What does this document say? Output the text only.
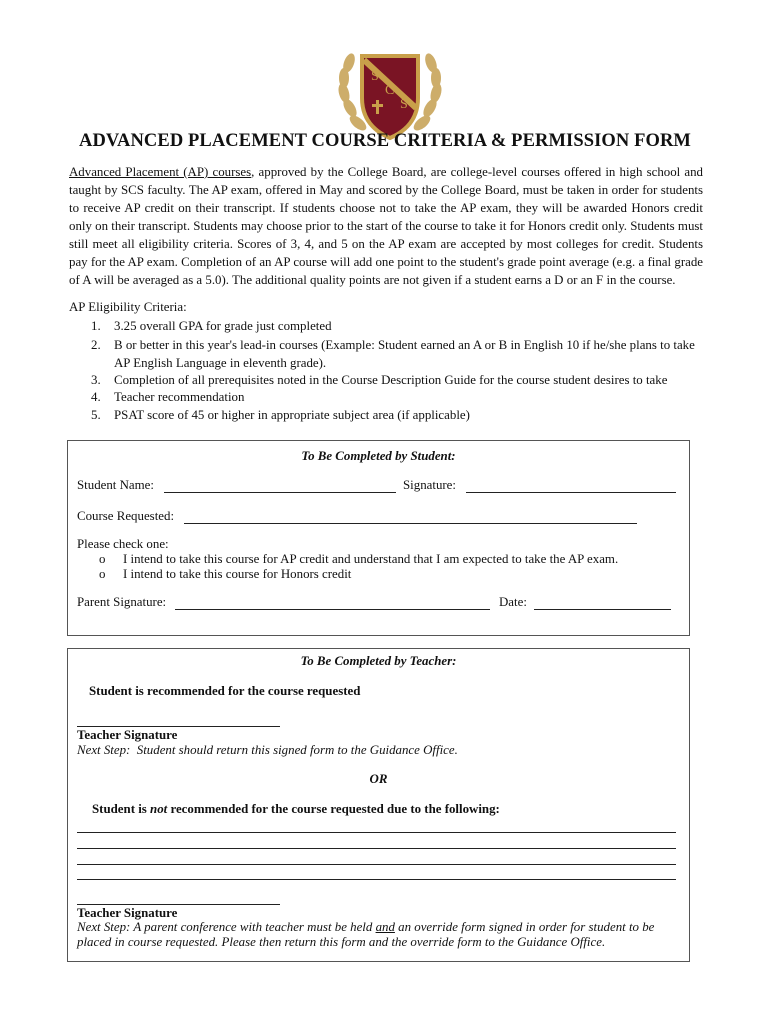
S
C
S
ADVANCED PLACEMENT COURSE CRITERIA & PERMISSION FORM

Advanced Placement (AP) courses, approved by the College Board, are college-level courses offered in high school and taught by SCS faculty. The AP exam, offered in May and scored by the College Board, must be taken in order for students to receive AP credit on their transcript. If students choose not to take the AP exam, they will be awarded Honors credit only on their transcript. Students may choose prior to the start of the course to take it for Honors credit only. Students must still meet all eligibility criteria. Scores of 3, 4, and 5 on the AP exam are accepted by most colleges for credit. Students pay for the AP exam. Completion of an AP course will add one point to the student's grade point average (e.g. a final grade of A will be averaged as a 5.0). The additional quality points are not given if a student earns a D or an F in the course.

AP Eligibility Criteria:

1. 3.25 overall GPA for grade just completed
2. B or better in this year's lead-in courses (Example: Student earned an A or B in English 10 if he/she plans to take AP English Language in eleventh grade).
3. Completion of all prerequisites noted in the Course Description Guide for the course student desires to take
4. Teacher recommendation
5. PSAT score of 45 or higher in appropriate subject area (if applicable)
To Be Completed by Student:
Student Name:	Signature:
Course Requested:
Please check one:
o I intend to take this course for AP credit and understand that I am expected to take the AP exam.
o I intend to take this course for Honors credit
Parent Signature:	Date:
To Be Completed by Teacher:
Student is recommended for the course requested
Teacher Signature
Next Step:  Student should return this signed form to the Guidance Office.
OR
Student is not recommended for the course requested due to the following:
Teacher Signature
Next Step: A parent conference with teacher must be held and an override form signed in order for student to be placed in course requested. Please then return this form and the override form to the Guidance Office.
